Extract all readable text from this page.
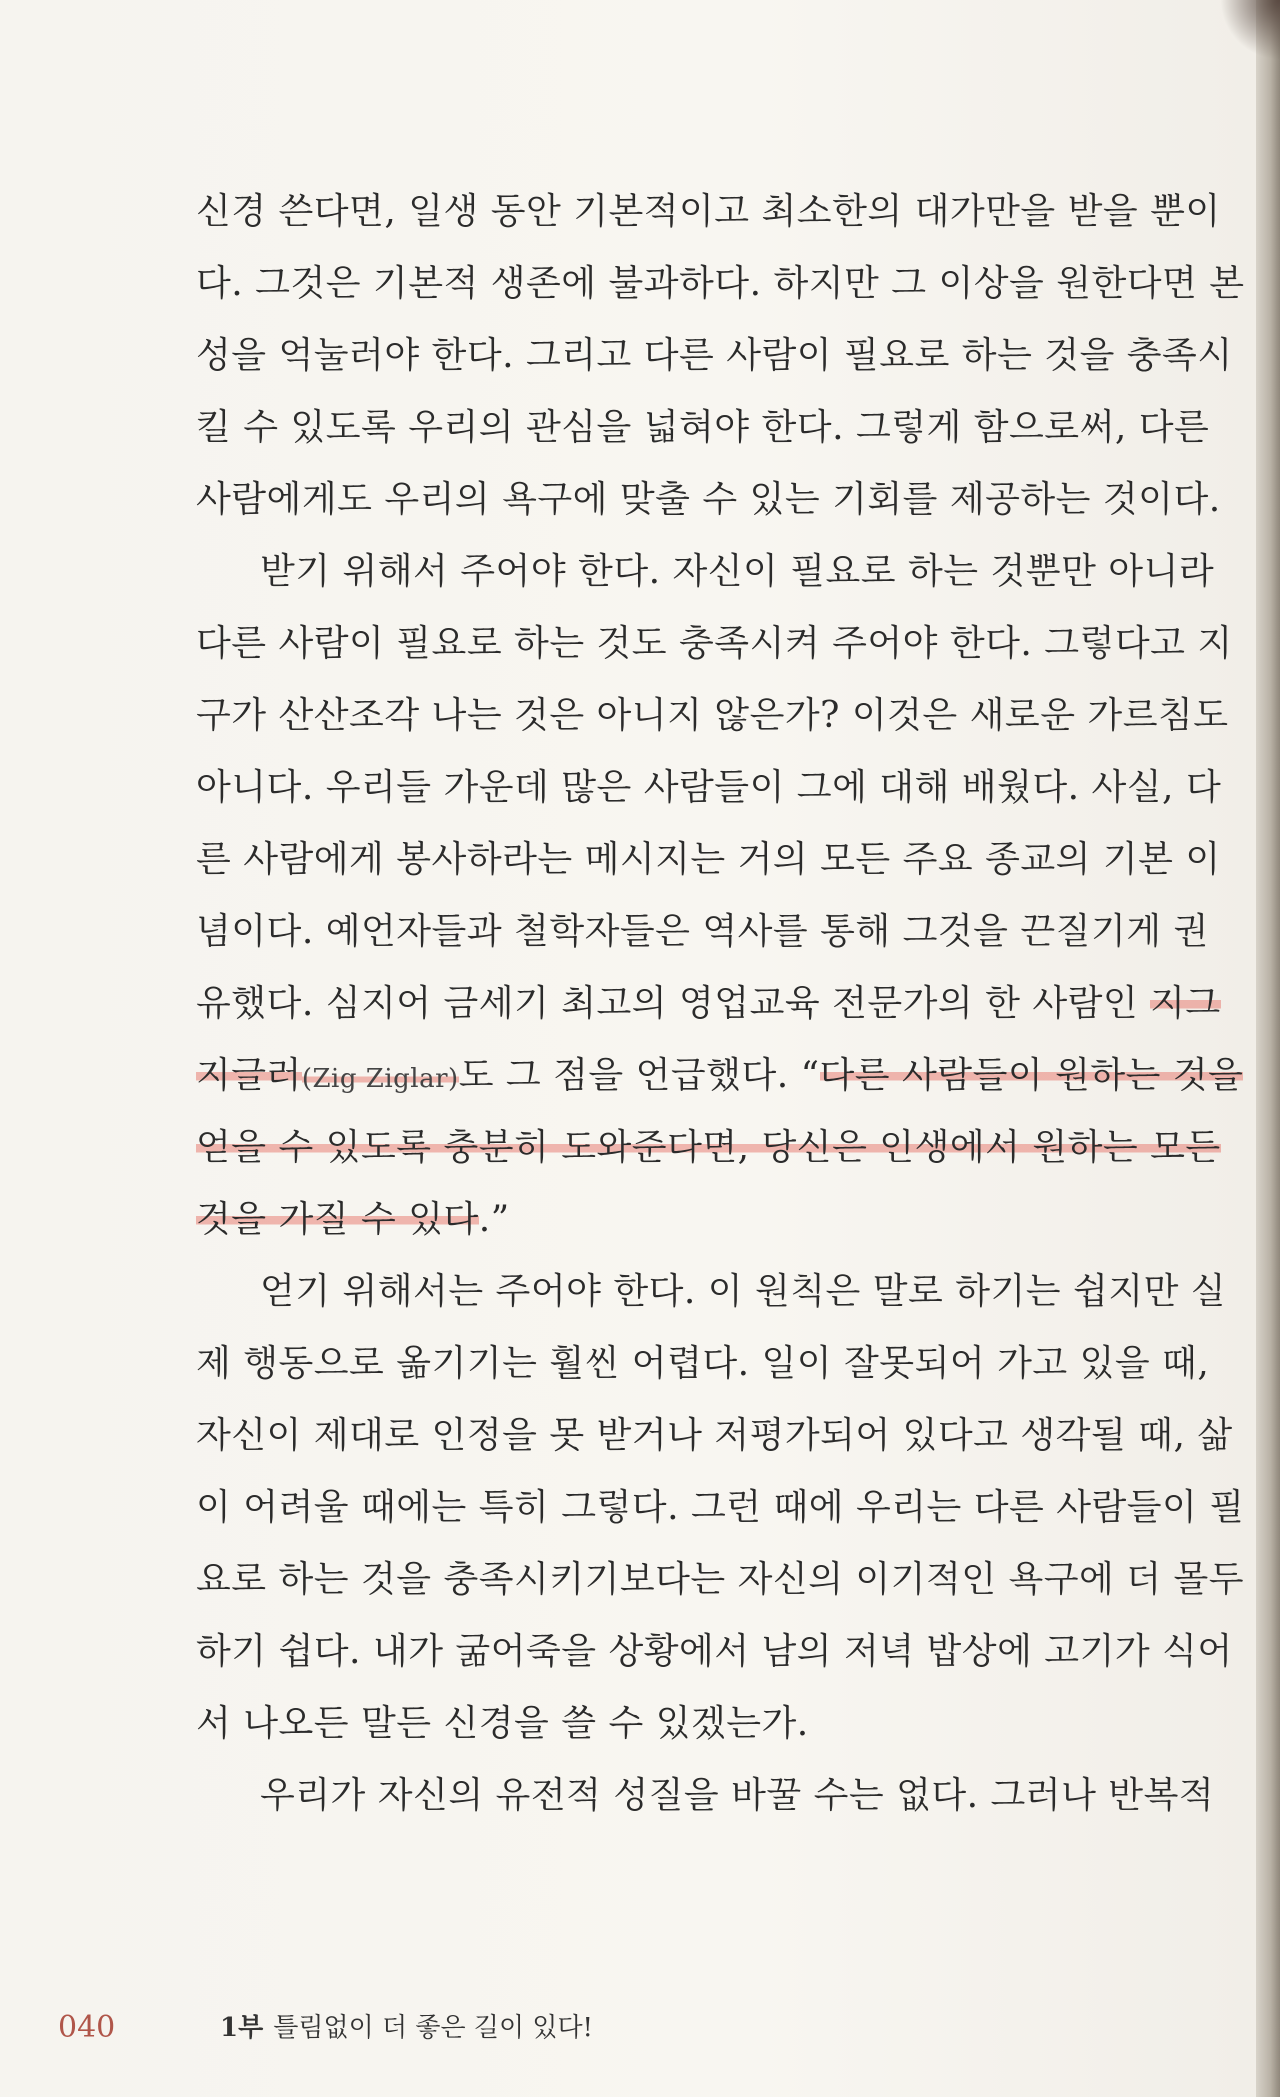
신경 쓴다면, 일생 동안 기본적이고 최소한의 대가만을 받을 뿐이
다. 그것은 기본적 생존에 불과하다. 하지만 그 이상을 원한다면 본
성을 억눌러야 한다. 그리고 다른 사람이 필요로 하는 것을 충족시
킬 수 있도록 우리의 관심을 넓혀야 한다. 그렇게 함으로써, 다른
사람에게도 우리의 욕구에 맞출 수 있는 기회를 제공하는 것이다.
받기 위해서 주어야 한다. 자신이 필요로 하는 것뿐만 아니라
다른 사람이 필요로 하는 것도 충족시켜 주어야 한다. 그렇다고 지
구가 산산조각 나는 것은 아니지 않은가? 이것은 새로운 가르침도
아니다. 우리들 가운데 많은 사람들이 그에 대해 배웠다. 사실, 다
른 사람에게 봉사하라는 메시지는 거의 모든 주요 종교의 기본 이
념이다. 예언자들과 철학자들은 역사를 통해 그것을 끈질기게 권
유했다. 심지어 금세기 최고의 영업교육 전문가의 한 사람인 지그
지글러(Zig Ziglar)도 그 점을 언급했다. “다른 사람들이 원하는 것을
얻을 수 있도록 충분히 도와준다면, 당신은 인생에서 원하는 모든
것을 가질 수 있다.”
얻기 위해서는 주어야 한다. 이 원칙은 말로 하기는 쉽지만 실
제 행동으로 옮기기는 훨씬 어렵다. 일이 잘못되어 가고 있을 때,
자신이 제대로 인정을 못 받거나 저평가되어 있다고 생각될 때, 삶
이 어려울 때에는 특히 그렇다. 그런 때에 우리는 다른 사람들이 필
요로 하는 것을 충족시키기보다는 자신의 이기적인 욕구에 더 몰두
하기 쉽다. 내가 굶어죽을 상황에서 남의 저녁 밥상에 고기가 식어
서 나오든 말든 신경을 쓸 수 있겠는가.
우리가 자신의 유전적 성질을 바꿀 수는 없다. 그러나 반복적
040	1부 틀림없이 더 좋은 길이 있다!
